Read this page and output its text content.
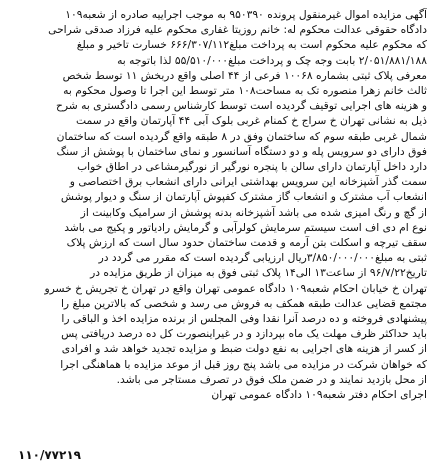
آگهی مزایده اموال غیرمنقول پرونده ۹۵۰۳۹۰ به موجب اجراییه صادره از شعبه۱۰۹
دادگاه حقوقی عدالت محکوم له: خانم روزیتا غفاری محکوم علیه فرزاد صدقی شراحی
که محکوم علیه محکوم است به پرداخت مبلغ۶۶۶/۳۰۷/۱۱۲ خسارت تاخیر و مبلغ
۲/۰۵۱/۸۸۱/۱۸۸ بابت وجه چک و پرداخت مبلغ۵۵/۵۱۰/۰۰۰ لذا باتوجه به
معرفی پلاک ثبتی بشماره ۱۰۰۶۸ فرعی از ۴۴ اصلی واقع دربخش ۱۱ توسط شخص
ثالث خانم زهرا منصوره تک به مساحت۱۰۸ متر توسط این اجرا تا وصول محکوم به
و هزینه های اجرایی توقیف گردیده است توسط کارشناس رسمی دادگستری به شرح
ذیل به نشانی تهران خ سراج خ کمنام غربی بلوک آبی ۴۴ آپارتمان واقع در سمت
شمال غربی طبقه سوم که ساختمان وفق در ۸ طبقه واقع گردیده است که ساختمان
فوق دارای دو سرویس پله و دو دستگاه آسانسور و نمای ساختمان با پوشش از سنگ
دارد داخل آپارتمان دارای سالن با پنجره نورگیر از نورگیرمشاعی در اطاق خواب
سمت گذر آشپزخانه این سرویس بهداشتی ایرانی دارای انشعاب برق اختصاصی و
انشعاب آب مشترک و انشعاب گاز مشترک کفپوش آپارتمان از سنگ و دیوار پوشش
از گچ و رنگ امیزی شده می باشد آشپزخانه بدنه پوشش از سرامیک وکابینت از
نوع ام دی اف است سیستم سرمایش کولرآبی و گرمایش رادیاتور و پکیج می باشد
سقف تیرچه و اسکلت بتن آرمه و قدمت ساختمان حدود سال است که ارزش پلاک
ثبتی به مبلغ۳/۸۵۰/۰۰۰/۰۰۰ریال ارزیابی گردیده است که مقرر می گردد در
تاریخ۹۶/۷/۲۲ از ساعت۱۳ الی۱۴ پلاک ثبتی فوق به میزان از طریق مزایده در
تهران خ خیابان احکام شعبه۱۰۹ دادگاه عمومی تهران واقع در تهران خ تجریش خ خسرو
مجتمع قضایی عدالت طبقه همکف به فروش می رسد و شخصی که بالاترین مبلغ را
پیشنهادی فروخته و ده درصد آنرا نقدا وفی المجلس از برنده مزایده اخذ و الباقی را
باید حداکثر ظرف مهلت یک ماه بپردازد و در غیراینصورت کل ده درصد دریافتی پس
از کسر از هزینه های اجرایی به نفع دولت ضبط و مزایده تجدید خواهد شد و افرادی
که خواهان شرکت در مزایده می باشد پنج روز قبل از موعد مزایده با هماهنگی اجرا
از محل بازدید نمایند و در ضمن ملک فوق در تصرف مستاجر می باشد.
اجرای احکام دفتر شعبه۱۰۹ دادگاه عمومی تهران
۱۱۰/۷۷۲۱۹
